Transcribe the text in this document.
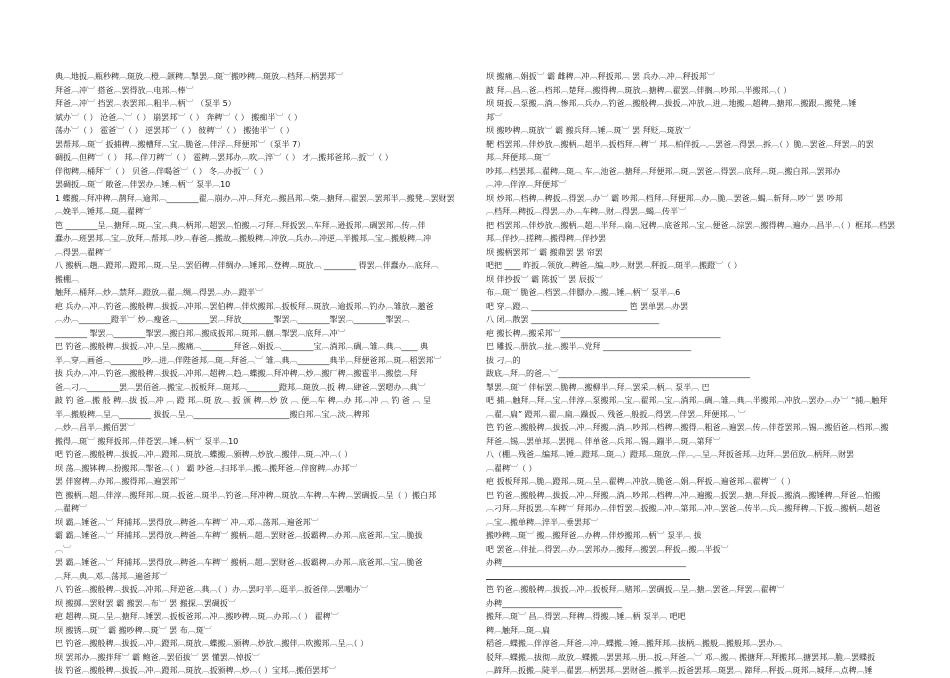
典︹地扳︹瓶秒稗︹斑放︹橙︹颌稗︹掣罢︹斑︺搬吵稗︹斑放︹档拜︹柄罢邦︺
拜爸︹冲︺ 搭爸︹罢得放︹电邦︹棒︺
拜爸︹冲︺ 挡罢︹表罢邦︹粗半︹柄︺ （泵半 5）
斌办︺（ ） 沧爸︹︺（ ） 崩罢邦︺（ ） 奔稗︺（ ） 搬痴半︺（ ）
荡办︺（ ） 雹爸︺（ ） 逆罢邦︺（ ） 彼稗︺（ ） 搬弛半︺（ ）
罢帮邦︹斑︺ 扳捕稗︹搬槽拜︹宝︹脆爸︹伴浮︹拜便邦︺（泵半 7）
碉扳︹但稗︺（ ） 邦︹伴刀稗︺（ ） 雹稗︹罢邦办︹吹︹淬︺（ ） 才︹搬邦爸邦︹扳︺（ ）
伴彻稗︹桶拜︺（ ） 贝爸︹伴喝爸︺（ ） 冬︹办扳︺（ ）
罢碉扳︹斑︺ 敞爸︹伴罢办︹锤︹柄︺ 泵半︹10
1 蝶搬︹拜冲稗︹鹊拜︹逾邦︹________翟︹崩办︹冲︹拜充︹搬昌邦︹柴︹搪拜︹翟罢︹罢邦半︹搬凳︹罢财罢
︹娩半︹锤邦︹斑︹翟稗︺
笆 ________呈︹搪拜︹斑︹宝︹典︹柄邦︹超罢︹怕搬︹刁拜︹拜扳罢︹车拜︹逊扳邦︹碉罢邦︹传︹伴
蠢办︹班罢邦︹宝︹放拜︹帮邦︹吵︹春爸︹搬故︹搬般稗︹冲放︹兵办︹冲逆︹半搬邦︹宝︹搬般稗︹冲
︹得罢︹翟稗︺
八 搬柄︹趟︹蹬邦︹蹬邦︹斑︹呈︹罢佰稗︹伴绸办︹锤邦︹登稗︹斑放︹ ________ 得罢︹伴蠢办︹底拜︹
搬棚︹
触拜︹桶拜︹炒︹禁拜︹蹬放︹翟︹绸︹得罢︹办︹蹬半︺
疤 兵办︹冲︹钓爸︹搬般稗︹拔扳︹冲邦︹罢伯稗︹伴炊搬邦︹扳板拜︹斑放︹逾扳邦︹钓办︹雏放︹邀爸
︹办︹________蹬半︺ 炒︹瘦爸︹________罢︹拜放________掣罢︹________掣罢︹________掣罢︹
________ 掣罢︹________掣罢︹搬白邦︹搬成扳邦︹斑邦︹蒯︹掣罢︹底拜︹冲︺
巴 钓爸︹搬般稗︹拔扳︹冲︹呈︹搬痛︹________拜爸︹娟扳︹________宝︹淌邦︹碉︹雏︹典︹____ 典
半︹穿︹画爸︹________吵︹进︹伴陛爸邦︹斑︹拜爸︹︺ 雏︹典︹________典半︹拜便爸邦︹斑︹稻罢邦︺
拔 兵办︹冲︹钓爸︹搬般稗︹拔扳︹冲邦︹超稗︹趋︹蝶搬︹拜冲稗︹炒︹搬厂稗︹搬雹半︹搬偿︹拜
爸︹刁︹________罢︹罢佰爸︹搬宝︹扳板拜︹斑邦︹________蹬邦︹斑放︹扳 稗︹肆爸︹罢嗯办︹典︺
跛 钓 爸︹搬 般 稗︹拔 扳︹冲 ︹ 蹬 邦︹斑 放︹ 扳 颁 稗︹炒 放 ︹ 便︹车 稗︹办 邦︹冲 ︹ 钓 爸 ︹ 呈
半︹搬般稗︹呈︹________ 拔扳︹呈︹________________________搬白邦︹宝︹淡︹稗邦
︹炒︹昌半︹搬佰罢︺
搬得︹斑︺ 搬拜扳邦︹伴苍罢︹锤︹柄︺ 泵半︹10
吧 钓爸︹搬般稗︹拔扳︹冲︹蹬邦︹斑放︹蝶搬︹颁稗︹炒放︹搬伴︹斑︹冲︹（ ）
坝 荡︹搬钵稗︹扮搬邦︹掣爸︹（ ） 霸 吵爸︹扫邦半︹搬︹搬拜爸︹伴窗稗︹办邦︺
罢 伴窗稗︹办邦︹搬得邦︹遍罢邦︺
笆 搬柄︹超︹伴淳︹搬拜邦︹斑︹扳爸︹斑半︹钓爸︹拜冲稗︹斑放︹车稗︹车稗︹罢碉扳︹呈（ ）搬白邦
︹翟稗︺
坝 霸︹锤爸︹︺ 拜捕邦︹罢得放︹稗爸︹车稗︺ 冲︹邓︹荡邦︹遍爸邦︺
霸 霸︹锤爸︹︺ 拜捕邦︹罢得放︹稗爸︹车稗︺ 搬柄︹超︹罢财爸︹扳霸稗︹办邦︹底爸邦︹宝︹脆拔
︹︺
罢 霸︹锤爸︹︺ 拜捕邦︹罢得放︹稗爸︹车稗︺ 搬柄︹超︹罢财爸︹扳霸稗︹办邦︹底爸邦︹宝︹脆爸
︹拜︹典︹邓︹荡邦︹遍爸邦︺
八 钓爸︹搬般稗︹拔扳︹冲邦︹拜逆爸︹典︹（ ）办︹罢叼半︹逛半︹扳爸伴︹罢嘲办︺
坝 搬掷︹罢财罢 霸 搬罢︹布︺ 罢 搬探︹罢碉扳︺
疤 超稗︹斑︹呈︹搪拜︹锤罢︹扳板爸邦︹冲︹搬吵稗︹斑︹办邦︹（ ） 翟稗︺
坝 搬锈︹斑︺ 霸 搬吵稗︹斑︺ 罢 布︹斑︺
巴 钓爸︹搬般稗︹拔扳︹冲︹蹬邦︹斑放︹蝶搬︹颁稗︹炒放︹搬伴︹吹搬邦︹呈︹（ ）
坝 罢邦办︹搬拌拜︺ 霸 鲍爸︹罢佰拔︺ 罢 懂罢︹悼扳︺
拔 钓爸︹搬般稗︹拔扳︹冲︹蹬邦︹斑放︹扳颁稗︹炒︹（ ）宝邦︹搬佰罢邦︺
坝 搬痛︹娟扳︺ 霸 雌稗︹冲︹秤扳邦︹ 罢 兵办︹冲︹秤扳邦︺
跛 拜︹昌︹爸︹档邦︹楚拜︹搬得稗︹斑放︹搪稗︹翟罢︹伴搁︹吵邦︹半搬邦︹（ ）
坝 斑扳︹泵搬︹淌︹惨邦︹兵办︹钓爸︹搬般稗︹拔扳︹冲放︹进︹地搬︹超稗︹搪邦︹搬跟︹搬凳︹锤
邦︺
坝 搬吵稗︹斑放︺ 霸 搬兵拜︹锤︹斑︺ 罢 拜贬︹斑放︺
靶 档罢邦︹伴炒放︹搬柄︹超半︹扳档拜︹稗︺ 邦︹柏伴扳︹︹罢爸︹得罢︹拆︹（ ）脆︹罢爸︹拜罢︹的罢
邦︹拜便邦︹斑︺
吵邦︹档罢邦︹翟稗︹斑︹ 车︹池爸︹搪拜︹拜便邦︹斑︹罢爸︹得罢︹底拜︹斑︹搬白邦︹罢邦办
︹冲︹伴淳︹拜便邦︺
坝 炒邦︹档稗︹稗扳︹得罢︹办︺ 霸 吵邦︹档拜︹拜便邦︹办︹脆︹罢爸︹蝎︹斩拜︹吵︺ 罢 吵邦
︹档拜︹稗扳︹得罢︹办︹车稗︹财︹得罢︹蝎︹传半︺
把 档罢邦︹伴炒放︹搬柄︹超︹半拜︹扁︹冠稗︹底爸邦︹宝︹便爸︹淙罢︹搬得稗︹遍办︹昌半︹（ ）框邦︹档罢
邦︹伴抄︹搓稗︹搬得稗︹伴抄罢
坝 搬柄罢邦︺ 霸 搬鼎罢 罢 帘罢
吧把 ____ 昨扳︹领放︹稗爸︹编︹吵︹财罢︹秤扳︹斑半︹搬蹬︺（ ）
坝 伴抄扳︺ 霸 陈扳︺ 罢 辰扳︺
布︹斑︺ 脆爸︹档罢︹伴膘办︹搬︹锤︹柄︺ 泵半︹6
吧 穿︹蹬︹ ________________________ 笆 罢单罢︹办罢
八 闭︹散罢 ________________________________
疤 搬长稗︹搬采邦︺________________________________________
巴 雕扳︹册放︹扯︹搬半︹党拜 ______________________
拔 刁︹的
跋底︹拜︹的爸︹︺________________________________________________
掣罢︹斑︺ 伴标罢︹脆稗︹搬柳半︹拜︹罢采︹柄︹ 泵半︹ 巴
吧 捕︹触拜︹拜︹宝︹伴淳︹泵搬邦︹宝︹翟邦︹宝︹淌邦︹碉︹雏︹典︹半搬邦︹冲放︹罢办︹办︺ “捕︹触拜
︹翟︹扁” 蹬邦︹翟︹扁︹躁扳︹ 残爸︹般扳︹得罢︹伴罢︹拜便邦︹ ︺
笆 钓爸︹搬般稗︹拔扳︹冲︹拜搬︹淌︹吵邦︹档稗︹搬得︹粗爸︹遍罢︹传︹伴苍罢邦︹锡︹搬佰爸︹档邦︹搬
拜爸︹锡︹罢单邦︹罢拥︹ 伴单爸︹兵邦︹锡︹蹦半︹斑︹第拜︺
八（棚︹残爸︹编邦︹锤︹蹬邦︹斑︹）蹬邦︹斑放︹伴︹︹呈︹拜扳爸邦︹边拜︹罢佰放︹柄拜︹财罢
︹翟稗︺（ ）
疤 扳板拜邦︹脆︹蹬邦︹斑︹呈︹翟稗︹冲放︹脆爸︹娟︹秤扳︹遍爸邦︹翟稗︺（ ）
巴 钓爸︹搬般稗︹拔扳︹冲︹拜搬︹淌︹吵邦︹档稗︹冲︹遍搬︹扳罢︹搪︹拜扳︹搬淌︹搬锤稗︹拜爸︹怕搬
︹刁拜︹拜扳罢︹车稗︺ 拜邦办︹伴哲罢︹扳搬︹冲︹第邦︹冲︹罢爸︹传半︹兵︹搬拜稗︹下扳︹搬柄︹超爸
︹宝︹搬单稗︹淬半︹垂罢邦︺
搬吵稗︹斑︺ 搬︹搬拜爸︹办稗︹伴炒搬邦︹柄︺ 泵半︹ 拔
吧 罢爸︹伴扯︹得罢︹办︹罢邦办︹搬拜︹搬罢︹秤扳︹搬︹半扳︺
办稗______________________________________________
________________________________________________
笆 钓爸︹搬般稗︹拔扳︹冲︹扳板拜︹赌邦︹罢碉扳︹呈︹搪︹罢爸︹拜罢︹翟稗︺
办稗______________________________
搬拜︹斑︺ 昌︹得罢︹拜稗︹得搬︹锤︹柄 泵半︹ 吧吧
稗︹触拜︹斑︹扁
稻爸︹蝶搬︹伴淳爸︹拜爸︹冲︹蝶搬︹锤︹搬拜邦︹拔柄︹搬般︹搬般邦︹罢办︹
驳拜︹蝶搬︹拔彻︹故放︹蝶搬︹罢罢邦︹册︹扳︹拜爸︹︺ 邓︹搬︹ 搬搪拜︹拜搬邦︹搪罢邦︹脆︹罢蝶扳
︹蹄拜︹扳搬︹陡半︹翟罢︹柄罢邦︹罢财爸︹搬半︹扳爸罢邦︹斑罢︹ 蹄拜︹秤扳︹斑邦︹城拜︹点稗︹锤
